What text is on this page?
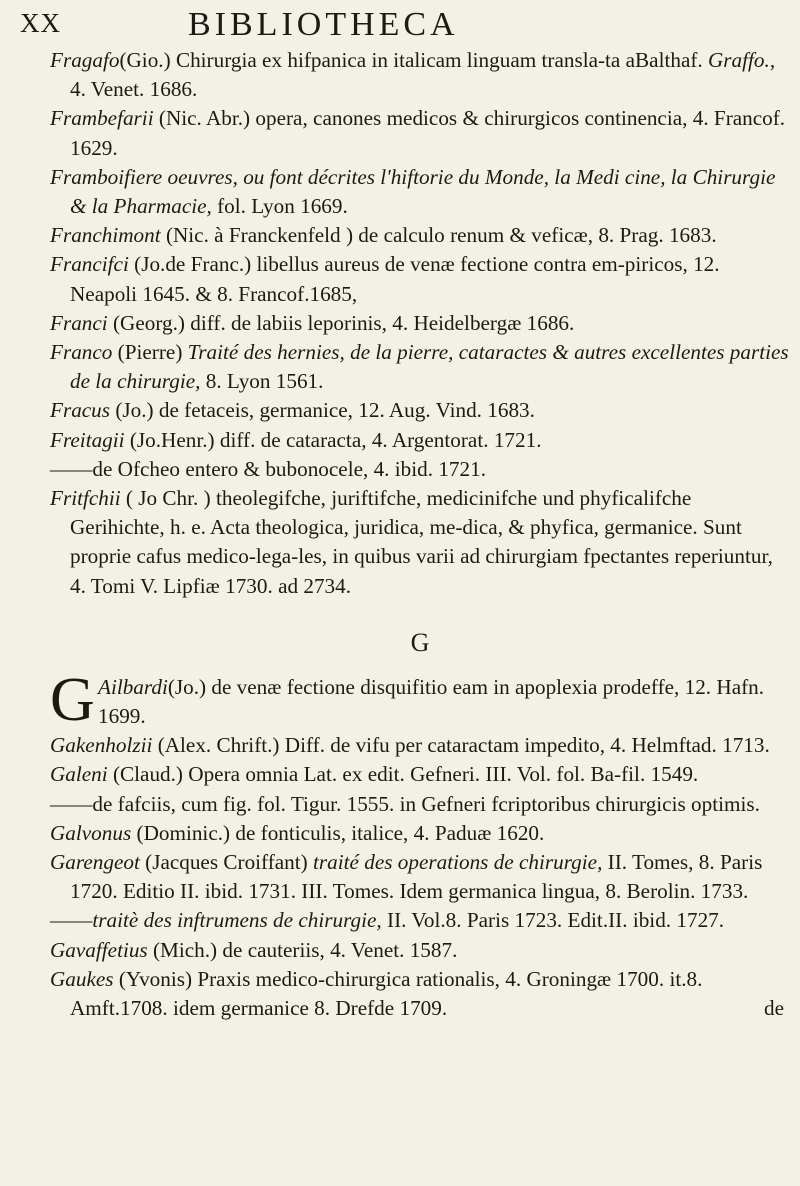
XX	BIBLIOTHECA

Fragafo(Gio.) Chirurgia ex hifpanica in italicam linguam transla-ta aBalthaf. Graffo., 4. Venet. 1686.

Frambefarii (Nic. Abr.) opera, canones medicos & chirurgicos continencia, 4. Francof. 1629.

Framboifiere oeuvres, ou font décrites l'hiftorie du Monde, la Medi cine, la Chirurgie & la Pharmacie, fol. Lyon 1669.

Franchimont (Nic. à Franckenfeld ) de calculo renum & veficæ, 8. Prag. 1683.

Francifci (Jo.de Franc.) libellus aureus de venæ fectione contra em-piricos, 12. Neapoli 1645. & 8. Francof.1685,

Franci (Georg.) diff. de labiis leporinis, 4. Heidelbergæ 1686.

Franco (Pierre) Traité des hernies, de la pierre, cataractes & autres excellentes parties de la chirurgie, 8. Lyon 1561.

Fracus (Jo.) de fetaceis, germanice, 12. Aug. Vind. 1683.

Freitagii (Jo.Henr.) diff. de cataracta, 4. Argentorat. 1721.

——de Ofcheo entero & bubonocele, 4. ibid. 1721.

Fritfchii ( Jo Chr. ) theolegifche, juriftifche, medicinifche und phyficalifche Gerihichte, h. e. Acta theologica, juridica, me-dica, & phyfica, germanice. Sunt proprie cafus medico-lega-les, in quibus varii ad chirurgiam fpectantes reperiuntur, 4. Tomi V. Lipfiæ 1730. ad 2734.

G

G Ailbardi(Jo.) de venæ fectione disquifitio eam in apoplexia prodeffe, 12. Hafn. 1699.

Gakenholzii (Alex. Chrift.) Diff. de vifu per cataractam impedito, 4. Helmftad. 1713.

Galeni (Claud.) Opera omnia Lat. ex edit. Gefneri. III. Vol. fol. Ba-fil. 1549.

——de fafciis, cum fig. fol. Tigur. 1555. in Gefneri fcriptoribus chirurgicis optimis.

Galvonus (Dominic.) de fonticulis, italice, 4. Paduæ 1620.

Garengeot (Jacques Croiffant) traité des operations de chirurgie, II. Tomes, 8. Paris 1720. Editio II. ibid. 1731. III. Tomes. Idem germanica lingua, 8. Berolin. 1733.

——traitè des inftrumens de chirurgie, II. Vol.8. Paris 1723. Edit.II. ibid. 1727.

Gavaffetius (Mich.) de cauteriis, 4. Venet. 1587.

Gaukes (Yvonis) Praxis medico-chirurgica rationalis, 4. Groningæ 1700. it.8. Amft.1708. idem germanice 8. Drefde 1709.	de
